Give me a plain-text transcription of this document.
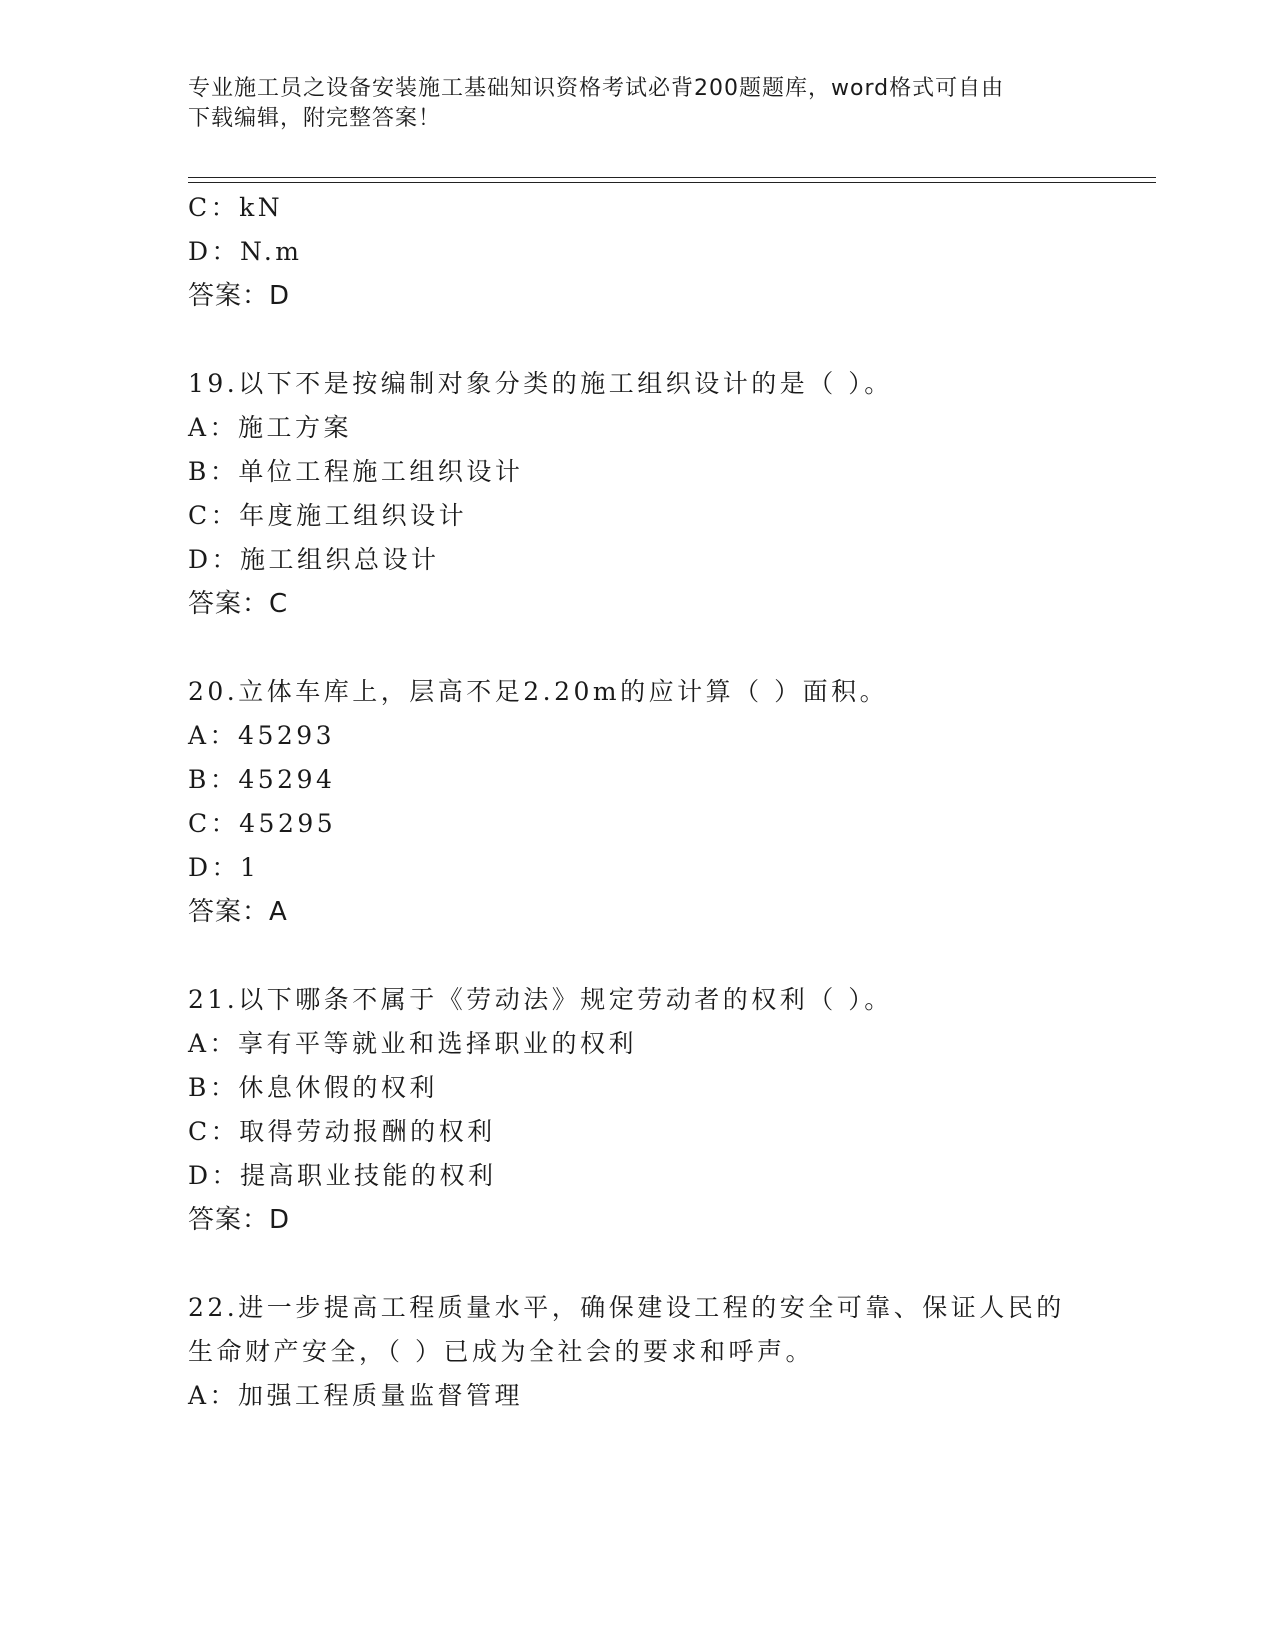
专业施工员之设备安装施工基础知识资格考试必背200题题库，word格式可自由
下载编辑，附完整答案！
C：kN
D：N.m
答案：D
19.以下不是按编制对象分类的施工组织设计的是（ ）。
A：施工方案
B：单位工程施工组织设计
C：年度施工组织设计
D：施工组织总设计
答案：C
20.立体车库上，层高不足2.20m的应计算（ ）面积。
A：45293
B：45294
C：45295
D：1
答案：A
21.以下哪条不属于《劳动法》规定劳动者的权利（ ）。
A：享有平等就业和选择职业的权利
B：休息休假的权利
C：取得劳动报酬的权利
D：提高职业技能的权利
答案：D
22.进一步提高工程质量水平，确保建设工程的安全可靠、保证人民的
生命财产安全，（ ）已成为全社会的要求和呼声。
A：加强工程质量监督管理
